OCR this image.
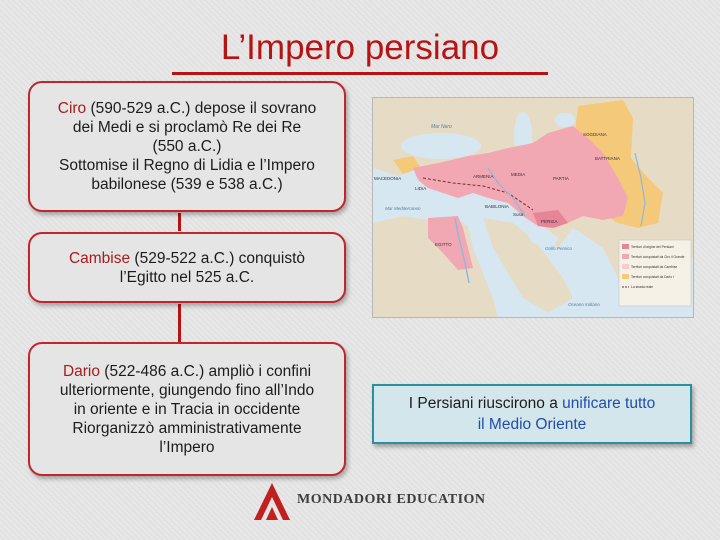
L’Impero persiano
Ciro (590-529 a.C.) depose il sovrano
dei Medi e si proclamò Re dei Re
(550 a.C.)
Sottomise il Regno di Lidia e l’Impero
babilonese (539 e 538 a.C.)
Cambise (529-522 a.C.) conquistò
l’Egitto nel 525 a.C.
Dario (522-486 a.C.) ampliò i confini
ulteriormente, giungendo fino all’Indo
in oriente e in Tracia in occidente
Riorganizzò amministrativamente
l’Impero
Mar Nero
SOGDIANA
BATTRIANA
MACEDONIA	ARMENIA	MEDIA
LIDIA
PARTIA
BABILONIA
PERSIA
Susa
Mar Mediterraneo
EGITTO
Golfo Persico
Oceano Indiano
Territori d’origine dei Persiani
Territori conquistati da Ciro il Grande
Territori conquistati da Cambise
Territori conquistati da Dario I
La strada reale
I Persiani riuscirono a unificare tutto
il Medio Oriente
MONDADORI EDUCATION
